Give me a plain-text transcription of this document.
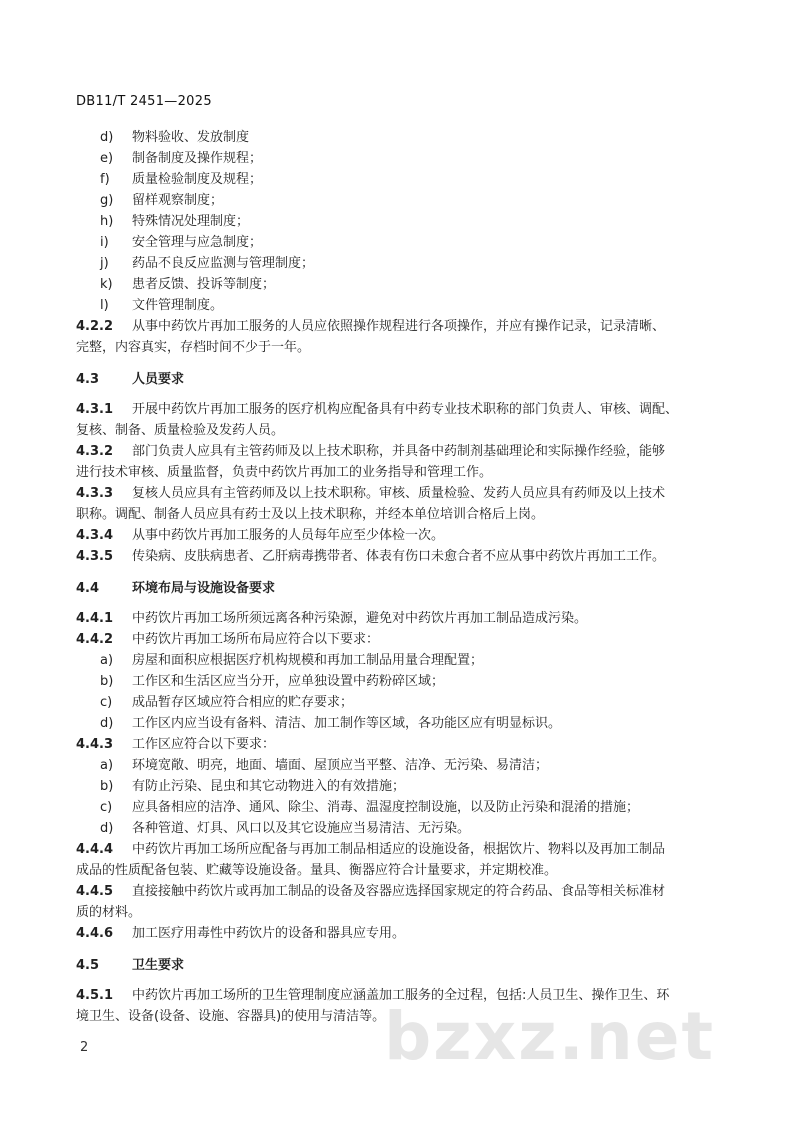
DB11/T 2451—2025
d)	物料验收、发放制度
e)	制备制度及操作规程；
f)	质量检验制度及规程；
g)	留样观察制度；
h)	特殊情况处理制度；
i)	安全管理与应急制度；
j)	药品不良反应监测与管理制度；
k)	患者反馈、投诉等制度；
l)	文件管理制度。
4.2.2 从事中药饮片再加工服务的人员应依照操作规程进行各项操作，并应有操作记录，记录清晰、
完整，内容真实，存档时间不少于一年。
4.3	人员要求
4.3.1 开展中药饮片再加工服务的医疗机构应配备具有中药专业技术职称的部门负责人、审核、调配、
复核、制备、质量检验及发药人员。
4.3.2 部门负责人应具有主管药师及以上技术职称，并具备中药制剂基础理论和实际操作经验，能够
进行技术审核、质量监督，负责中药饮片再加工的业务指导和管理工作。
4.3.3 复核人员应具有主管药师及以上技术职称。审核、质量检验、发药人员应具有药师及以上技术
职称。调配、制备人员应具有药士及以上技术职称，并经本单位培训合格后上岗。
4.3.4 从事中药饮片再加工服务的人员每年应至少体检一次。
4.3.5 传染病、皮肤病患者、乙肝病毒携带者、体表有伤口未愈合者不应从事中药饮片再加工工作。
4.4	环境布局与设施设备要求
4.4.1 中药饮片再加工场所须远离各种污染源，避免对中药饮片再加工制品造成污染。
4.4.2 中药饮片再加工场所布局应符合以下要求：
a)	房屋和面积应根据医疗机构规模和再加工制品用量合理配置；
b)	工作区和生活区应当分开，应单独设置中药粉碎区域；
c)	成品暂存区域应符合相应的贮存要求；
d)	工作区内应当设有备料、清洁、加工制作等区域，各功能区应有明显标识。
4.4.3 工作区应符合以下要求：
a)	环境宽敞、明亮，地面、墙面、屋顶应当平整、洁净、无污染、易清洁；
b)	有防止污染、昆虫和其它动物进入的有效措施；
c)	应具备相应的洁净、通风、除尘、消毒、温湿度控制设施，以及防止污染和混淆的措施；
d)	各种管道、灯具、风口以及其它设施应当易清洁、无污染。
4.4.4 中药饮片再加工场所应配备与再加工制品相适应的设施设备，根据饮片、物料以及再加工制品
成品的性质配备包装、贮藏等设施设备。量具、衡器应符合计量要求，并定期校准。
4.4.5 直接接触中药饮片或再加工制品的设备及容器应选择国家规定的符合药品、食品等相关标准材
质的材料。
4.4.6 加工医疗用毒性中药饮片的设备和器具应专用。
4.5	卫生要求
4.5.1 中药饮片再加工场所的卫生管理制度应涵盖加工服务的全过程，包括:人员卫生、操作卫生、环
境卫生、设备(设备、设施、容器具)的使用与清洁等。
bzxz.net
2
